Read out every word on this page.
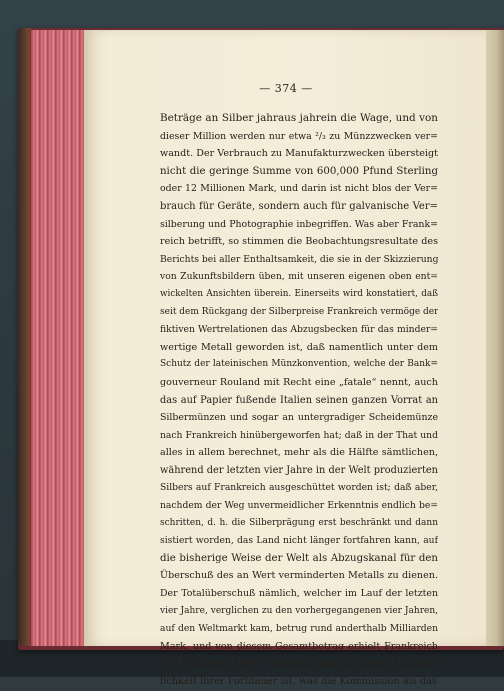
— 374 —
Beträge an Silber jahraus jahrein die Wage, und von
dieser Million werden nur etwa ²/₃ zu Münzzwecken ver=
wandt. Der Verbrauch zu Manufakturzwecken übersteigt
nicht die geringe Summe von 600,000 Pfund Sterling
oder 12 Millionen Mark, und darin ist nicht blos der Ver=
brauch für Geräte, sondern auch für galvanische Ver=
silberung und Photographie inbegriffen. Was aber Frank=
reich betrifft, so stimmen die Beobachtungsresultate des
Berichts bei aller Enthaltsamkeit, die sie in der Skizzierung
von Zukunftsbildern üben, mit unseren eigenen oben ent=
wickelten Ansichten überein. Einerseits wird konstatiert, daß
seit dem Rückgang der Silberpreise Frankreich vermöge der
fiktiven Wertrelationen das Abzugsbecken für das minder=
wertige Metall geworden ist, daß namentlich unter dem
Schutz der lateinischen Münzkonvention, welche der Bank=
gouverneur Rouland mit Recht eine „fatale“ nennt, auch
das auf Papier fußende Italien seinen ganzen Vorrat an
Silbermünzen und sogar an untergradiger Scheidemünze
nach Frankreich hinübergeworfen hat; daß in der That und
alles in allem berechnet, mehr als die Hälfte sämtlichen,
während der letzten vier Jahre in der Welt produzierten
Silbers auf Frankreich ausgeschüttet worden ist; daß aber,
nachdem der Weg unvermeidlicher Erkenntnis endlich be=
schritten, d. h. die Silberprägung erst beschränkt und dann
sistiert worden, das Land nicht länger fortfahren kann, auf
die bisherige Weise der Welt als Abzugskanal für den
Überschuß des an Wert verminderten Metalls zu dienen.
Der Totalüberschuß nämlich, welcher im Lauf der letzten
vier Jahre, verglichen zu den vorhergegangenen vier Jahren,
auf den Weltmarkt kam, betrug rund anderthalb Milliarden
Mark, und von diesem Gesamtbetrag erhielt Frankreich
670 Millionen. Diese Thatsache und die innere Unmög=
lichkeit ihrer Fortdauer ist, was die Kommission als das
